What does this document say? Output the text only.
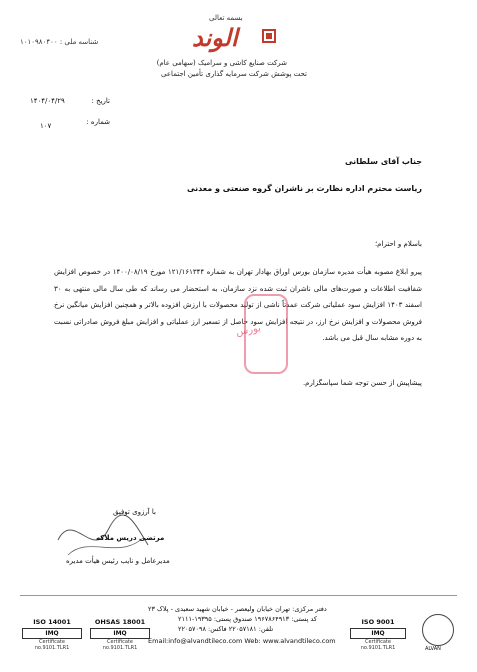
بسمه تعالی
الوند
شرکت صنایع کاشی و سرامیک (سهامی عام)
تحت پوشش شرکت سرمایه گذاری تأمین اجتماعی
شناسه ملی : ۱۰۱۰۹۸۰۴۰۰
تاریخ :
۱۴۰۴/۰۴/۲۹
شماره :
۱۰۷
جناب آقای سلطانی
ریاست محترم اداره نظارت بر ناشران گروه صنعتی و معدنی
باسلام و احترام؛
پیرو ابلاغ مصوبه هیأت مدیره سازمان بورس اوراق بهادار تهران به شماره ۱۲۱/۱۶۱۳۴۴ مورخ ۱۴۰۰/۰۸/۱۹ در خصوص افزایش شفافیت اطلاعات و صورت‌های مالی ناشران ثبت شده نزد سازمان، به استحضار می رساند که طی سال مالی منتهی به ۳۰ اسفند ۱۴۰۳ افزایش سود عملیاتی شرکت عمدتاً ناشی از تولید محصولات با ارزش افزوده بالاتر و همچنین افزایش میانگین نرخ فروش محصولات و افزایش نرخ ارز، در نتیجه افزایش سود حاصل از تسعیر ارز عملیاتی و افزایش مبلغ فروش صادراتی نسبت به دوره مشابه سال قبل می باشد.
پیشاپیش از حسن توجه شما سپاسگزارم.
بورس
با آرزوی توفیق
مرتضی دریس ملاکه
مدیرعامل و نایب رئیس هیأت مدیره
دفتر مرکزی: تهران خیابان ولیعصر - خیابان شهید سعیدی - پلاک ۲۳
کد پستی: ۱۹۶۷۸۶۴۹۱۳ صندوق پستی: ۱۹۳۹۵-۲۱۱۱
تلفن: ۲۲۰۵۷۱۸۱ فاکس: ۲۲۰۵۷۰۹۸
Email:info@alvandtileco.com Web: www.alvandtileco.com
ISO 14001
IMQ
Certificate no.9101.TLR1
OHSAS 18001
IMQ
Certificate no.9101.TLR1
ISO 9001
IMQ
Certificate no.9101.TLR1	ALVAN
